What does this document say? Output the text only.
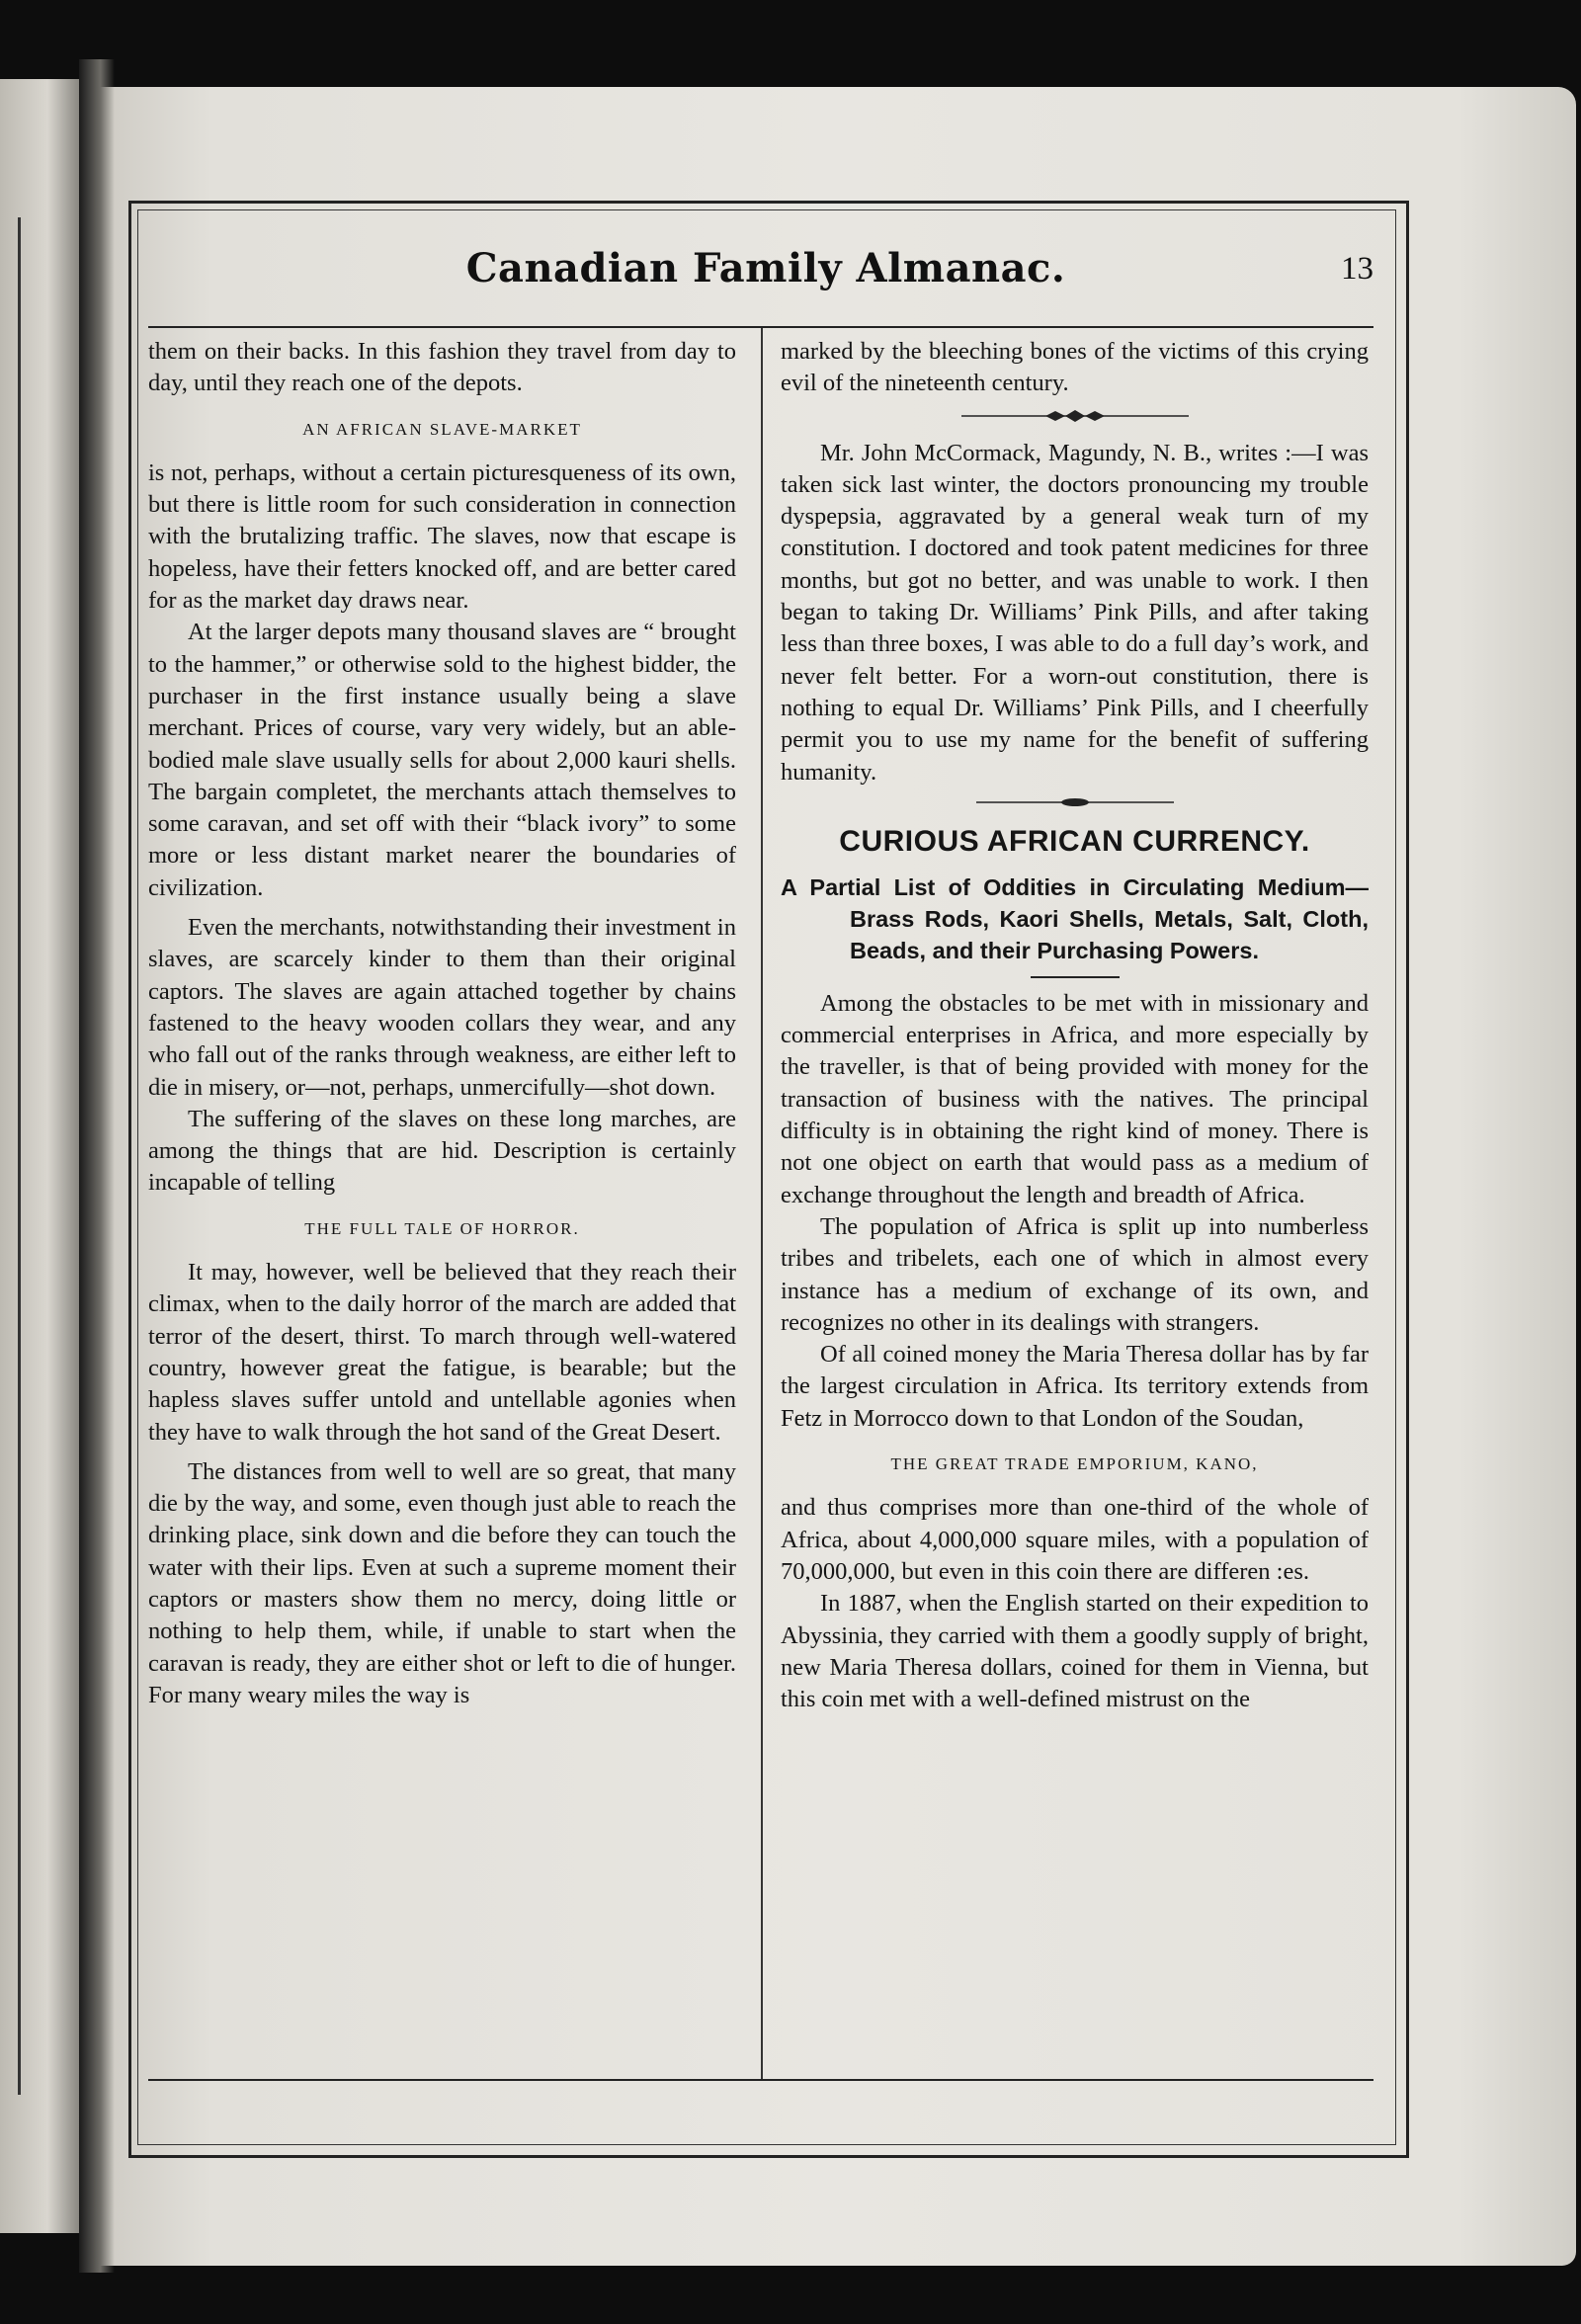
Canadian Family Almanac.	13

them on their backs. In this fashion they travel from day to day, until they reach one of the depots.

AN AFRICAN SLAVE-MARKET

is not, perhaps, without a certain picturesqueness of its own, but there is little room for such consideration in connection with the brutalizing traffic. The slaves, now that escape is hopeless, have their fetters knocked off, and are better cared for as the market day draws near.

At the larger depots many thousand slaves are “ brought to the hammer,” or otherwise sold to the highest bidder, the purchaser in the first instance usually being a slave merchant. Prices of course, vary very widely, but an able-bodied male slave usually sells for about 2,000 kauri shells. The bargain completet, the merchants attach themselves to some caravan, and set off with their “black ivory” to some more or less distant market nearer the boundaries of civilization.

Even the merchants, notwithstanding their investment in slaves, are scarcely kinder to them than their original captors. The slaves are again attached together by chains fastened to the heavy wooden collars they wear, and any who fall out of the ranks through weakness, are either left to die in misery, or—not, perhaps, unmercifully—shot down.

The suffering of the slaves on these long marches, are among the things that are hid. Description is certainly incapable of telling

THE FULL TALE OF HORROR.

It may, however, well be believed that they reach their climax, when to the daily horror of the march are added that terror of the desert, thirst. To march through well-watered country, however great the fatigue, is bearable; but the hapless slaves suffer untold and untellable agonies when they have to walk through the hot sand of the Great Desert.

The distances from well to well are so great, that many die by the way, and some, even though just able to reach the drinking place, sink down and die before they can touch the water with their lips. Even at such a supreme moment their captors or masters show them no mercy, doing little or nothing to help them, while, if unable to start when the caravan is ready, they are either shot or left to die of hunger. For many weary miles the way is

marked by the bleeching bones of the victims of this crying evil of the nineteenth century.

Mr. John McCormack, Magundy, N. B., writes :—I was taken sick last winter, the doctors pronouncing my trouble dyspepsia, aggravated by a general weak turn of my constitution. I doctored and took patent medicines for three months, but got no better, and was unable to work. I then began to taking Dr. Williams’ Pink Pills, and after taking less than three boxes, I was able to do a full day’s work, and never felt better. For a worn-out constitution, there is nothing to equal Dr. Williams’ Pink Pills, and I cheerfully permit you to use my name for the benefit of suffering humanity.

CURIOUS AFRICAN CURRENCY.
A Partial List of Oddities in Circulating Medium—Brass Rods, Kaori Shells, Metals, Salt, Cloth, Beads, and their Purchasing Powers.

Among the obstacles to be met with in missionary and commercial enterprises in Africa, and more especially by the traveller, is that of being provided with money for the transaction of business with the natives. The principal difficulty is in obtaining the right kind of money. There is not one object on earth that would pass as a medium of exchange throughout the length and breadth of Africa.

The population of Africa is split up into numberless tribes and tribelets, each one of which in almost every instance has a medium of exchange of its own, and recognizes no other in its dealings with strangers.

Of all coined money the Maria Theresa dollar has by far the largest circulation in Africa. Its territory extends from Fetz in Morrocco down to that London of the Soudan,

THE GREAT TRADE EMPORIUM, KANO,

and thus comprises more than one-third of the whole of Africa, about 4,000,000 square miles, with a population of 70,000,000, but even in this coin there are differen :es.

In 1887, when the English started on their expedition to Abyssinia, they carried with them a goodly supply of bright, new Maria Theresa dollars, coined for them in Vienna, but this coin met with a well-defined mistrust on the
